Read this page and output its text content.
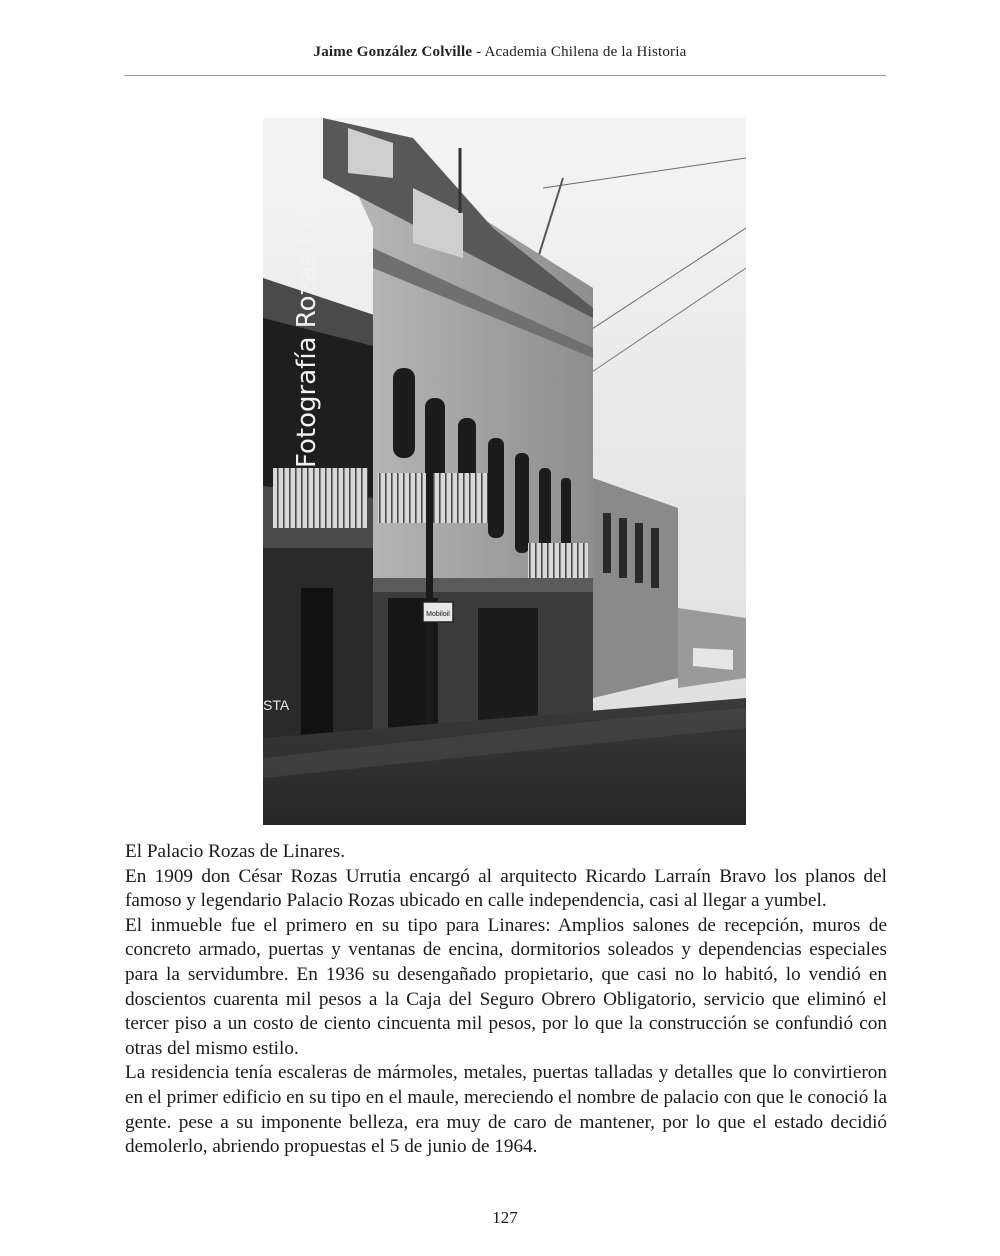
Jaime González Colville - Academia Chilena de la Historia
Mobiloil
Fotografía Rozas Linares
STA

El Palacio Rozas de Linares.

En 1909 don César Rozas Urrutia encargó al arquitecto Ricardo Larraín Bravo los planos del famoso y legendario Palacio Rozas ubicado en calle independencia, casi al llegar a yumbel.

El inmueble fue el primero en su tipo para Linares: Amplios salones de recepción, muros de concreto armado, puertas y ventanas de encina, dormitorios soleados y dependencias especiales para la servidumbre. En 1936 su desengañado propietario, que casi no lo habitó, lo vendió en doscientos cuarenta mil pesos a la Caja del Seguro Obrero Obligatorio, servicio que eliminó el tercer piso a un costo de ciento cincuenta mil pesos, por lo que la construcción se confundió con otras del mismo estilo.

La residencia tenía escaleras de mármoles, metales, puertas talladas y detalles que lo convirtieron en el primer edificio en su tipo en el maule, mereciendo el nombre de palacio con que le conoció la gente. pese a su imponente belleza, era muy de caro de mantener, por lo que el estado decidió demolerlo, abriendo propuestas el 5 de junio de 1964.

127
